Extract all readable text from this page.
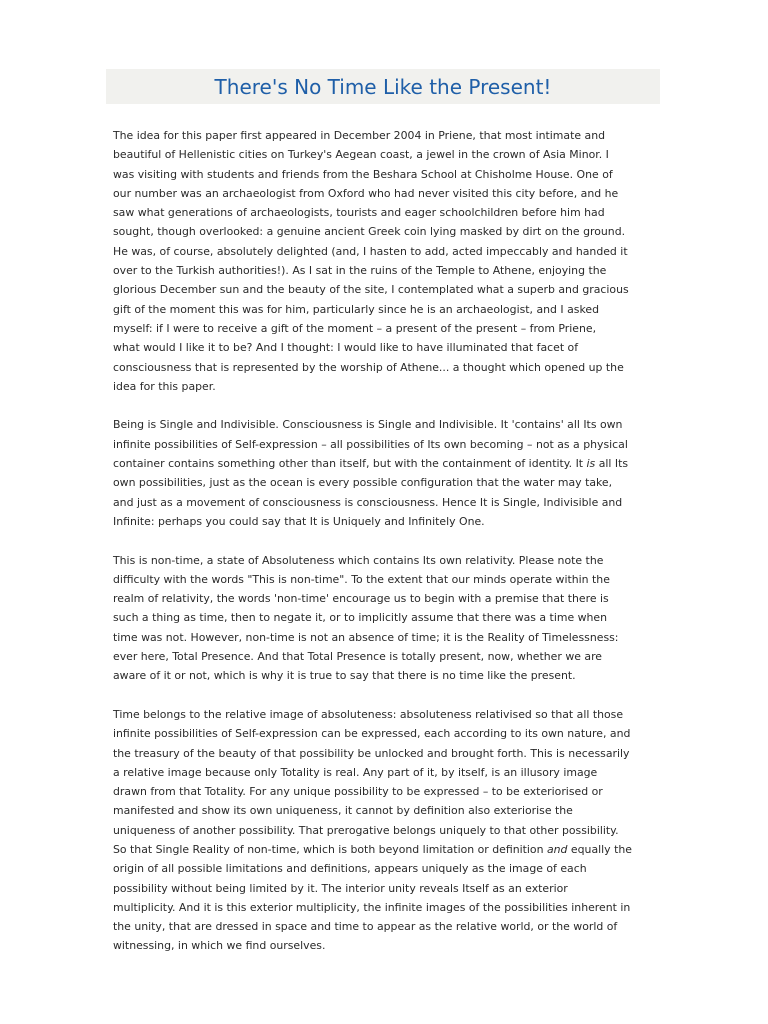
There's No Time Like the Present!

The idea for this paper first appeared in December 2004 in Priene, that most intimate and
beautiful of Hellenistic cities on Turkey's Aegean coast, a jewel in the crown of Asia Minor. I
was visiting with students and friends from the Beshara School at Chisholme House. One of
our number was an archaeologist from Oxford who had never visited this city before, and he
saw what generations of archaeologists, tourists and eager schoolchildren before him had
sought, though overlooked: a genuine ancient Greek coin lying masked by dirt on the ground.
He was, of course, absolutely delighted (and, I hasten to add, acted impeccably and handed it
over to the Turkish authorities!). As I sat in the ruins of the Temple to Athene, enjoying the
glorious December sun and the beauty of the site, I contemplated what a superb and gracious
gift of the moment this was for him, particularly since he is an archaeologist, and I asked
myself: if I were to receive a gift of the moment – a present of the present – from Priene,
what would I like it to be? And I thought: I would like to have illuminated that facet of
consciousness that is represented by the worship of Athene... a thought which opened up the
idea for this paper.

Being is Single and Indivisible. Consciousness is Single and Indivisible. It 'contains' all Its own
infinite possibilities of Self-expression – all possibilities of Its own becoming – not as a physical
container contains something other than itself, but with the containment of identity. It is all Its
own possibilities, just as the ocean is every possible configuration that the water may take,
and just as a movement of consciousness is consciousness. Hence It is Single, Indivisible and
Infinite: perhaps you could say that It is Uniquely and Infinitely One.

This is non-time, a state of Absoluteness which contains Its own relativity. Please note the
difficulty with the words "This is non-time". To the extent that our minds operate within the
realm of relativity, the words 'non-time' encourage us to begin with a premise that there is
such a thing as time, then to negate it, or to implicitly assume that there was a time when
time was not. However, non-time is not an absence of time; it is the Reality of Timelessness:
ever here, Total Presence. And that Total Presence is totally present, now, whether we are
aware of it or not, which is why it is true to say that there is no time like the present.

Time belongs to the relative image of absoluteness: absoluteness relativised so that all those
infinite possibilities of Self-expression can be expressed, each according to its own nature, and
the treasury of the beauty of that possibility be unlocked and brought forth. This is necessarily
a relative image because only Totality is real. Any part of it, by itself, is an illusory image
drawn from that Totality. For any unique possibility to be expressed – to be exteriorised or
manifested and show its own uniqueness, it cannot by definition also exteriorise the
uniqueness of another possibility. That prerogative belongs uniquely to that other possibility.
So that Single Reality of non-time, which is both beyond limitation or definition and equally the
origin of all possible limitations and definitions, appears uniquely as the image of each
possibility without being limited by it. The interior unity reveals Itself as an exterior
multiplicity. And it is this exterior multiplicity, the infinite images of the possibilities inherent in
the unity, that are dressed in space and time to appear as the relative world, or the world of
witnessing, in which we find ourselves.
